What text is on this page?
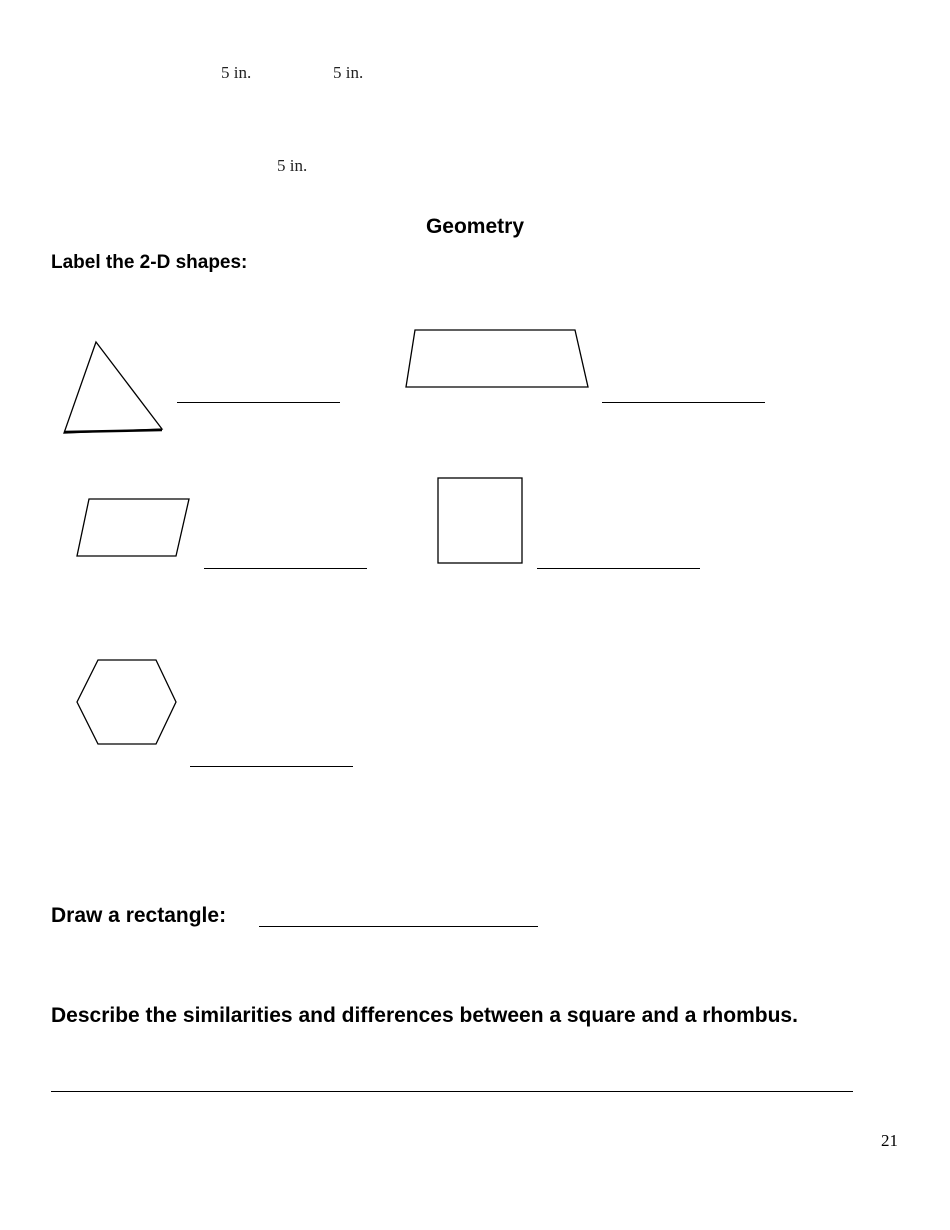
5 in.	5 in.
5 in.
Geometry
Label the 2-D shapes:
Draw a rectangle:
Describe the similarities and differences between a square and a rhombus.
21
